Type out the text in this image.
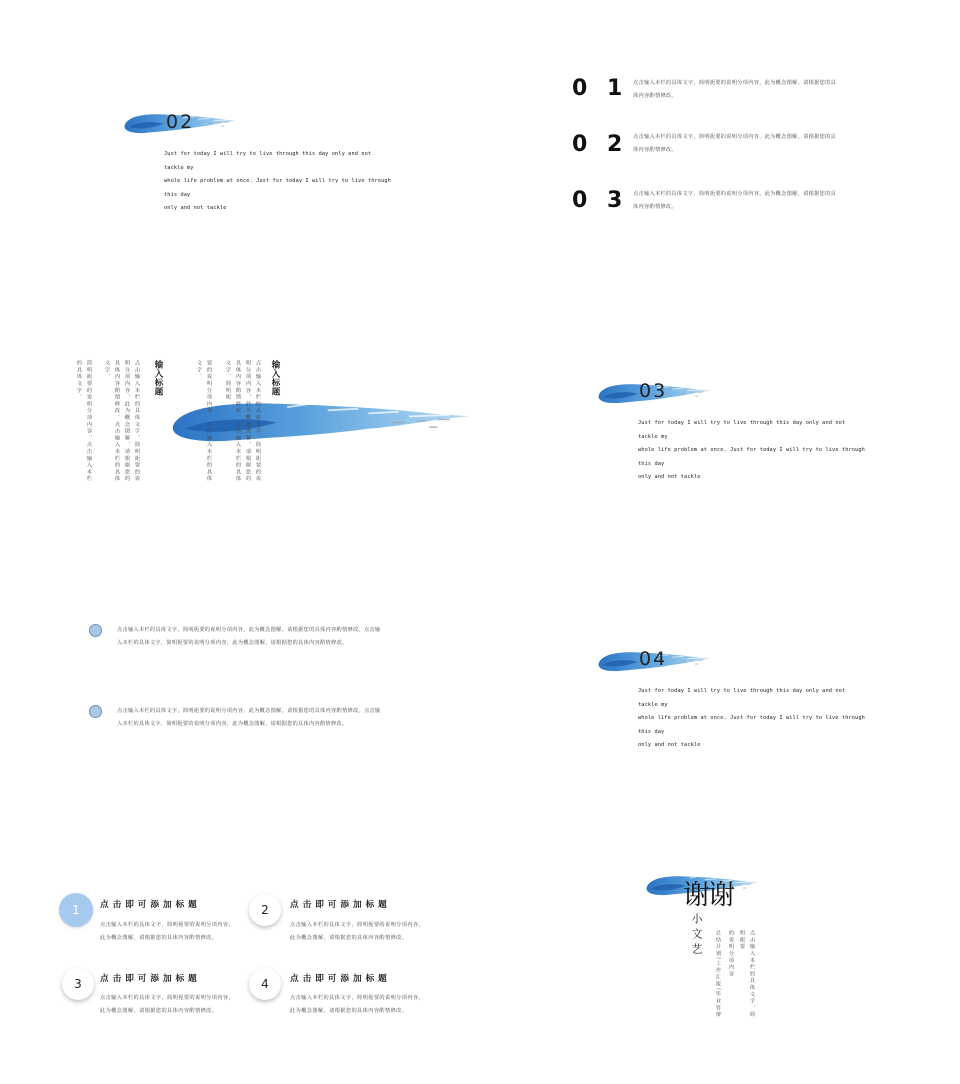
02
Just for today I will try to live through this day only and not tackle my
whole life problem at once. Just for today I will try to live through this day
only and not tackle
0 1 点击输入本栏的具体文字，简明扼要的说明分项内容，此为概念图解，请根据您的具
体内容酌情修改。
0 2 点击输入本栏的具体文字，简明扼要的说明分项内容，此为概念图解，请根据您的具
体内容酌情修改。
0 3 点击输入本栏的具体文字，简明扼要的说明分项内容，此为概念图解，请根据您的具
体内容酌情修改。
简明扼要的说明分项内容，点击输入本栏的具体文字。	点击输入本栏的具体文字，简明扼要的说明分项内容，此为概念图解，请根据您的具体内容酌情修改。点击输入本栏的具体文字，	输入标题	要的说明分项内容，点击输入本栏的具体文字。	点击输入本栏的具体文字，简明扼要的说明分项内容，此为概念图解，请根据您的具体内容酌情修改。点击输入本栏的具体文字，简明扼	输入标题	03
Just for today I will try to live through this day only and not tackle my
whole life problem at once. Just for today I will try to live through this day
only and not tackle
点击输入本栏的具体文字，简明扼要的说明分项内容，此为概念图解，请根据您的具体内容酌情修改。点击输
入本栏的具体文字，简明扼要的说明分项内容，此为概念图解，请根据您的具体内容酌情修改。
点击输入本栏的具体文字，简明扼要的说明分项内容，此为概念图解，请根据您的具体内容酌情修改。点击输
入本栏的具体文字，简明扼要的说明分项内容，此为概念图解，请根据您的具体内容酌情修改。
04
Just for today I will try to live through this day only and not tackle my
whole life problem at once. Just for today I will try to live through this day
only and not tackle
1	点击即可添加标题
点击输入本栏的具体文字，简明扼要的说明分项内容，
此为概念图解，请根据您的具体内容酌情修改。
2	点击即可添加标题
点击输入本栏的具体文字，简明扼要的说明分项内容，
此为概念图解，请根据您的具体内容酌情修改。
3	点击即可添加标题
点击输入本栏的具体文字，简明扼要的说明分项内容，
此为概念图解，请根据您的具体内容酌情修改。
4	点击即可添加标题
点击输入本栏的具体文字，简明扼要的说明分项内容，
此为概念图解，请根据您的具体内容酌情修改。
谢谢
小文艺	总结计划/工作汇报/毕业答辩	的说明分项内容	点击输入本栏的具体文字，简明扼要
